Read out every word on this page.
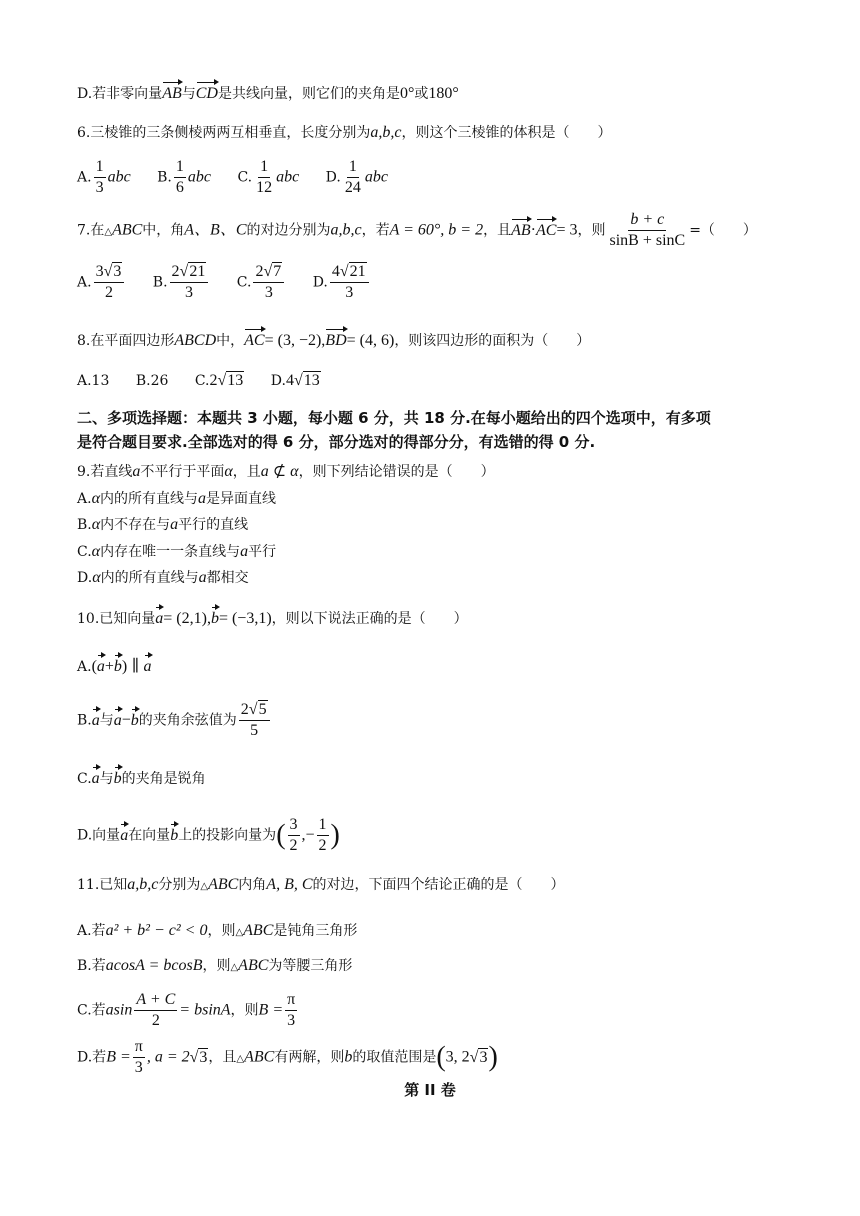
D.若非零向量AB与CD是共线向量，则它们的夹角是0°或180°
6.三棱锥的三条侧棱两两互相垂直，长度分别为a,b,c，则这个三棱锥的体积是（　　）
A. $\frac{1}{3}$ abc B. $\frac{1}{6}$ abc C. $\frac{1}{12}$ abc D. $\frac{1}{24}$ abc
7.在△ABC中，角A、B、C的对边分别为a,b,c，若A = 60°, b = 2，且AB·AC= 3，则 $\frac{b + c}{\sin B + \sin C}$ =（　　）
A. $\frac{3√3}{2} B$. $\frac{2√21}{3} C$. $\frac{2√7}{3} D$. $\frac{4√21}{3}$
8.在平面四边形ABCD中，AC= (3, −2),BD= (4, 6)，则该四边形的面积为（　　）
A.13 B.26 C.2√13 D.4√13
二、多项选择题：本题共 3 小题，每小题 6 分，共 18 分.在每小题给出的四个选项中，有多项
是符合题目要求.全部选对的得 6 分，部分选对的得部分分，有选错的得 0 分.
9.若直线a不平行于平面α，且a ⊄ α，则下列结论错误的是（　　）
A.α内的所有直线与a是异面直线
B.α内不存在与a平行的直线
C.α内存在唯一一条直线与a平行
D.α内的所有直线与a都相交
10.已知向量a= (2,1),b= (−3,1)，则以下说法正确的是（　　）
A.(a+b) ∥ a
B.a与a−b的夹角余弦值为 $\frac{2√5}{5}$
C.a与b的夹角是锐角
D.向量a在向量b上的投影向量为( $\frac{3}{2}$ ,− $\frac{1}{2}$ )
11.已知a,b,c分别为△ABC内角A, B, C的对边，下面四个结论正确的是（　　）
A.若a² + b² − c² < 0，则△ABC是钝角三角形
B.若acosA = bcosB，则△ABC为等腰三角形
C.若asin $\frac{A + C}{2} = bsinA$，则$B = \frac{\pi}{3}$
D.若$B = \frac{\pi}{3}$ , a = 2√3，且△ABC有两解，则b的取值范围是(3, 2√3)
第 II 卷
